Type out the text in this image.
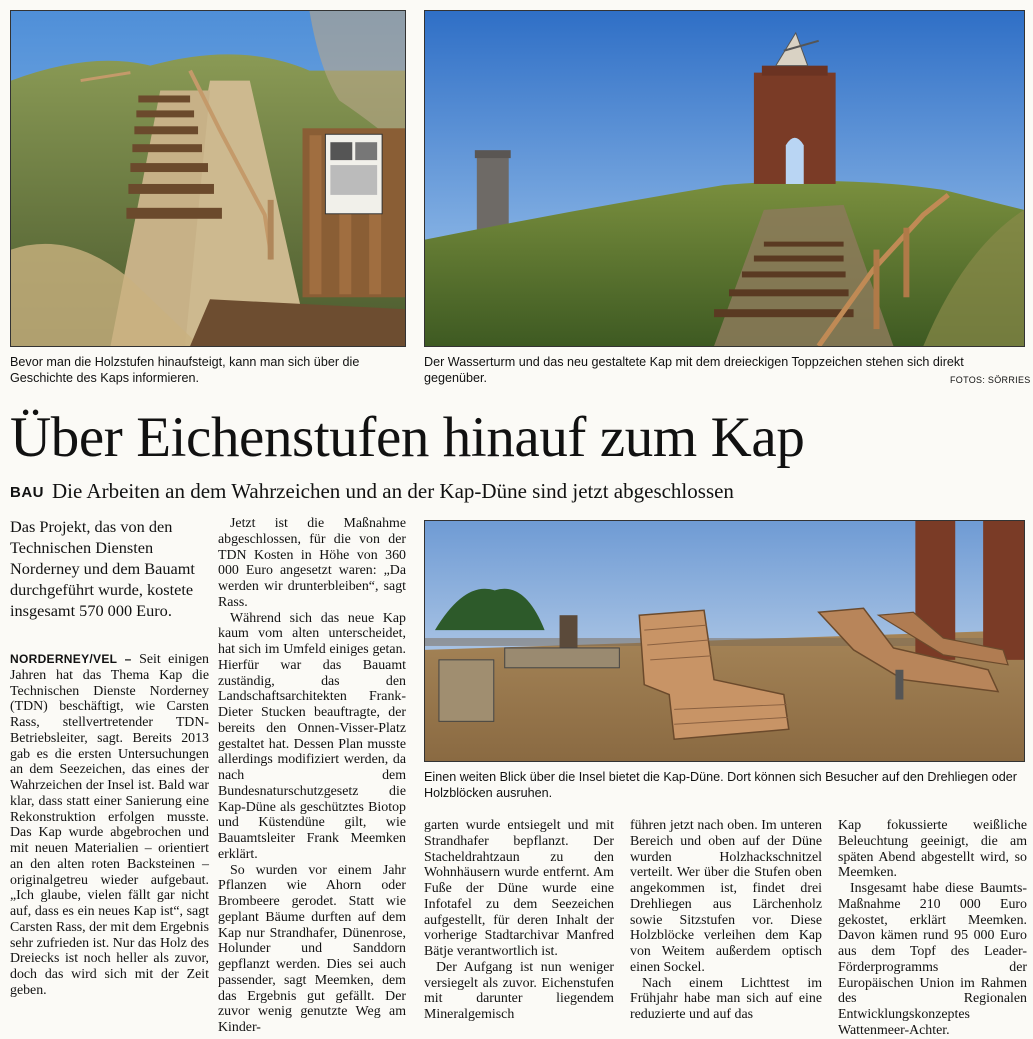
Bevor man die Holzstufen hinaufsteigt, kann man sich über die Geschichte des Kaps informieren.
Der Wasserturm und das neu gestaltete Kap mit dem dreieckigen Toppzeichen stehen sich direkt gegenüber.	FOTOS: SÖRRIES
Über Eichenstufen hinauf zum Kap
BAU Die Arbeiten an dem Wahrzeichen und an der Kap-Düne sind jetzt abgeschlossen
Das Projekt, das von den Technischen Diensten Norderney und dem Bauamt durchgeführt wurde, kostete insgesamt 570 000 Euro.

NORDERNEY/VEL – Seit einigen Jahren hat das Thema Kap die Technischen Dienste Norderney (TDN) beschäftigt, wie Carsten Rass, stellvertretender TDN-Betriebsleiter, sagt. Bereits 2013 gab es die ersten Untersuchungen an dem Seezeichen, das eines der Wahrzeichen der Insel ist. Bald war klar, dass statt einer Sanierung eine Rekonstruktion erfolgen musste. Das Kap wurde abgebrochen und mit neuen Materialien – orientiert an den alten roten Backsteinen – originalgetreu wieder aufgebaut. „Ich glaube, vielen fällt gar nicht auf, dass es ein neues Kap ist“, sagt Carsten Rass, der mit dem Ergebnis sehr zufrieden ist. Nur das Holz des Dreiecks ist noch heller als zuvor, doch das wird sich mit der Zeit geben.

Jetzt ist die Maßnahme abgeschlossen, für die von der TDN Kosten in Höhe von 360 000 Euro angesetzt waren: „Da werden wir drunterbleiben“, sagt Rass.

Während sich das neue Kap kaum vom alten unterscheidet, hat sich im Umfeld einiges getan. Hierfür war das Bauamt zuständig, das den Landschaftsarchitekten Frank-Dieter Stucken beauftragte, der bereits den Onnen-Visser-Platz gestaltet hat. Dessen Plan musste allerdings modifiziert werden, da nach dem Bundesnaturschutzgesetz die Kap-Düne als geschütztes Biotop und Küstendüne gilt, wie Bauamtsleiter Frank Meemken erklärt.

So wurden vor einem Jahr Pflanzen wie Ahorn oder Brombeere gerodet. Statt wie geplant Bäume durften auf dem Kap nur Strandhafer, Dünenrose, Holunder und Sanddorn gepflanzt werden. Dies sei auch passender, sagt Meemken, dem das Ergebnis gut gefällt. Der zuvor wenig genutzte Weg am Kinder-

Einen weiten Blick über die Insel bietet die Kap-Düne. Dort können sich Besucher auf den Drehliegen oder Holzblöcken ausruhen.

garten wurde entsiegelt und mit Strandhafer bepflanzt. Der Stacheldrahtzaun zu den Wohnhäusern wurde entfernt. Am Fuße der Düne wurde eine Infotafel zu dem Seezeichen aufgestellt, für deren Inhalt der vorherige Stadtarchivar Manfred Bätje verantwortlich ist.

Der Aufgang ist nun weniger versiegelt als zuvor. Eichenstufen mit darunter liegendem Mineralgemisch

führen jetzt nach oben. Im unteren Bereich und oben auf der Düne wurden Holzhackschnitzel verteilt. Wer über die Stufen oben angekommen ist, findet drei Drehliegen aus Lärchenholz sowie Sitzstufen vor. Diese Holzblöcke verleihen dem Kap von Weitem außerdem optisch einen Sockel.

Nach einem Lichttest im Frühjahr habe man sich auf eine reduzierte und auf das

Kap fokussierte weißliche Beleuchtung geeinigt, die am späten Abend abgestellt wird, so Meemken.

Insgesamt habe diese Baumts-Maßnahme 210 000 Euro gekostet, erklärt Meemken. Davon kämen rund 95 000 Euro aus dem Topf des Leader-Förderprogramms der Europäischen Union im Rahmen des Regionalen Entwicklungskonzeptes Wattenmeer-Achter.
